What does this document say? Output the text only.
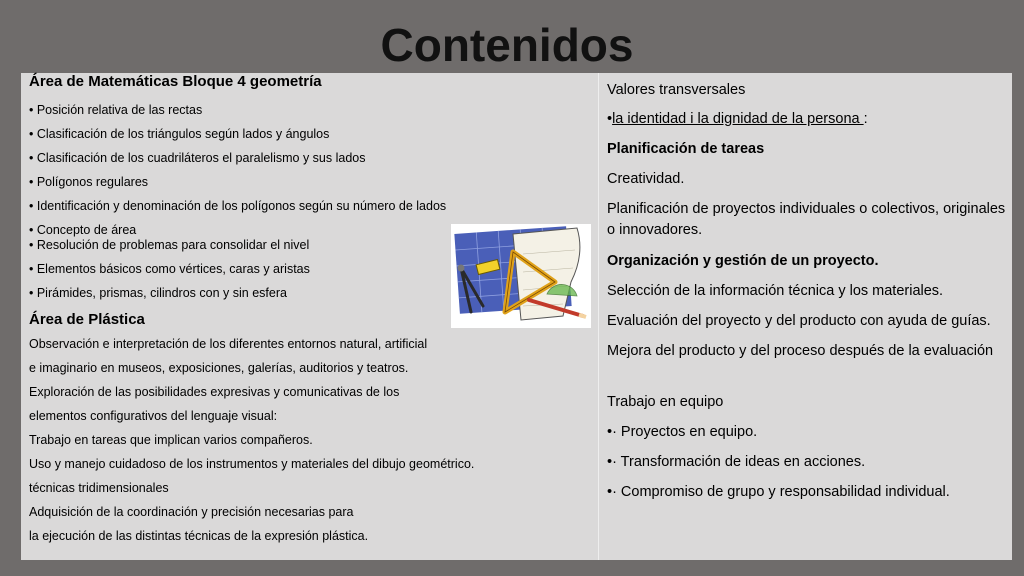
Contenidos
Área de Matemáticas Bloque 4 geometría
• Posición relativa de las rectas
• Clasificación de los triángulos según lados y ángulos
• Clasificación de los cuadriláteros el paralelismo y sus lados
• Polígonos regulares
• Identificación y denominación de los polígonos según su número de lados
• Concepto de área
• Resolución de problemas para consolidar el nivel
• Elementos básicos como vértices, caras y aristas
• Pirámides, prismas, cilindros con y sin esfera
Área de Plástica
Observación e interpretación de los diferentes entornos natural, artificial
e imaginario en museos, exposiciones, galerías, auditorios y teatros.
Exploración de las posibilidades expresivas y comunicativas de los
elementos configurativos del lenguaje visual:
Trabajo en tareas que implican varios compañeros.
Uso y manejo cuidadoso de los instrumentos y materiales del dibujo geométrico.
técnicas tridimensionales
Adquisición de la coordinación y precisión necesarias para
la ejecución de las distintas técnicas de la expresión plástica.
Valores transversales
•la identidad i la dignidad de la persona :
Planificación de tareas
Creatividad.
Planificación de proyectos individuales o colectivos, originales o innovadores.
Organización y gestión de un proyecto.
Selección de la información técnica y los materiales.
Evaluación del proyecto y del producto con ayuda de guías.
Mejora del producto y del proceso después de la evaluación
Trabajo en equipo
•· Proyectos en equipo.
•· Transformación de ideas en acciones.
•· Compromiso de grupo y responsabilidad individual.
